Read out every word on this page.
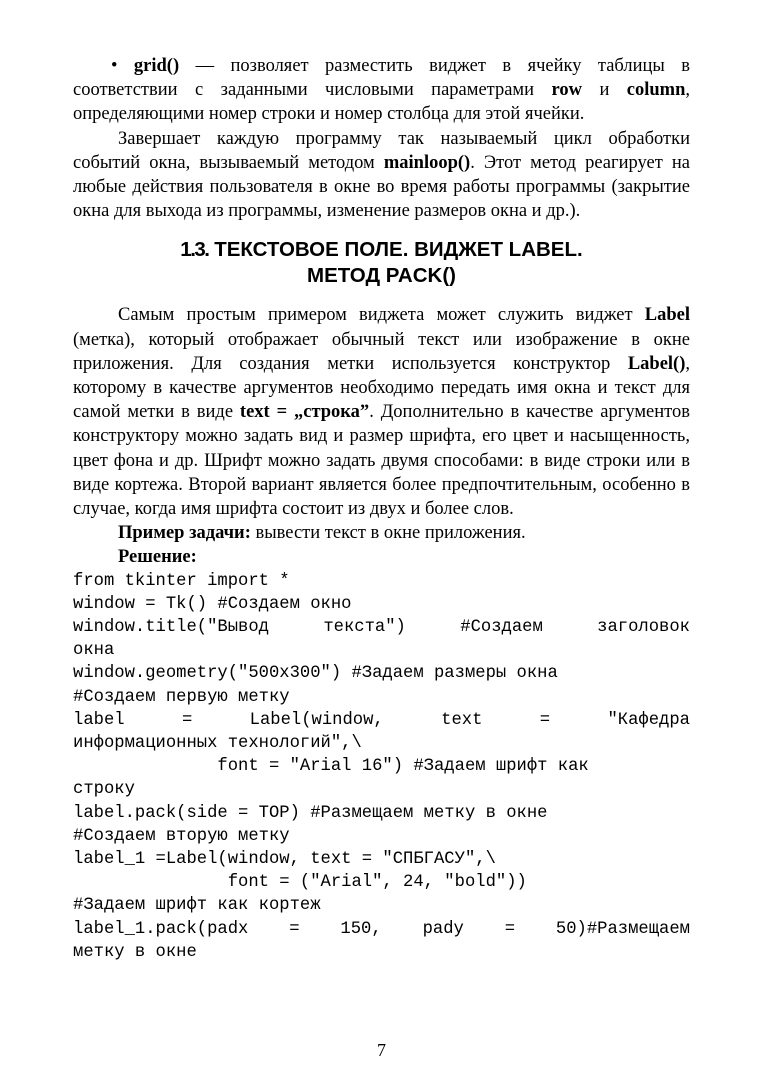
• grid() — позволяет разместить виджет в ячейку таблицы в соответствии с заданными числовыми параметрами row и column, определяющими номер строки и номер столбца для этой ячейки.

Завершает каждую программу так называемый цикл обработки событий окна, вызываемый методом mainloop(). Этот метод реагирует на любые действия пользователя в окне во время работы программы (закрытие окна для выхода из программы, изменение размеров окна и др.).

1.3. ТЕКСТОВОЕ ПОЛЕ. ВИДЖЕТ LABEL.
МЕТОД PACK()

Самым простым примером виджета может служить виджет Label (метка), который отображает обычный текст или изображение в окне приложения. Для создания метки используется конструктор Label(), которому в качестве аргументов необходимо передать имя окна и текст для самой метки в виде text = „строка”. Дополнительно в качестве аргументов конструктору можно задать вид и размер шрифта, его цвет и насыщенность, цвет фона и др. Шрифт можно задать двумя способами: в виде строки или в виде кортежа. Второй вариант является более предпочтительным, особенно в случае, когда имя шрифта состоит из двух и более слов.

Пример задачи: вывести текст в окне приложения.

Решение:

from tkinter import *
window = Tk() #Создаем окно
window.title("Вывод текста") #Создаем заголовок
окна
window.geometry("500x300") #Задаем размеры окна
#Создаем первую метку
label = Label(window, text = "Кафедра
информационных технологий",\
font = "Arial 16") #Задаем шрифт как
строку
label.pack(side = TOP) #Размещаем метку в окне
#Создаем вторую метку
label_1 =Label(window, text = "СПБГАСУ",\
font = ("Arial", 24, "bold"))
#Задаем шрифт как кортеж
label_1.pack(padx = 150, pady = 50)#Размещаем
метку в окне
7
